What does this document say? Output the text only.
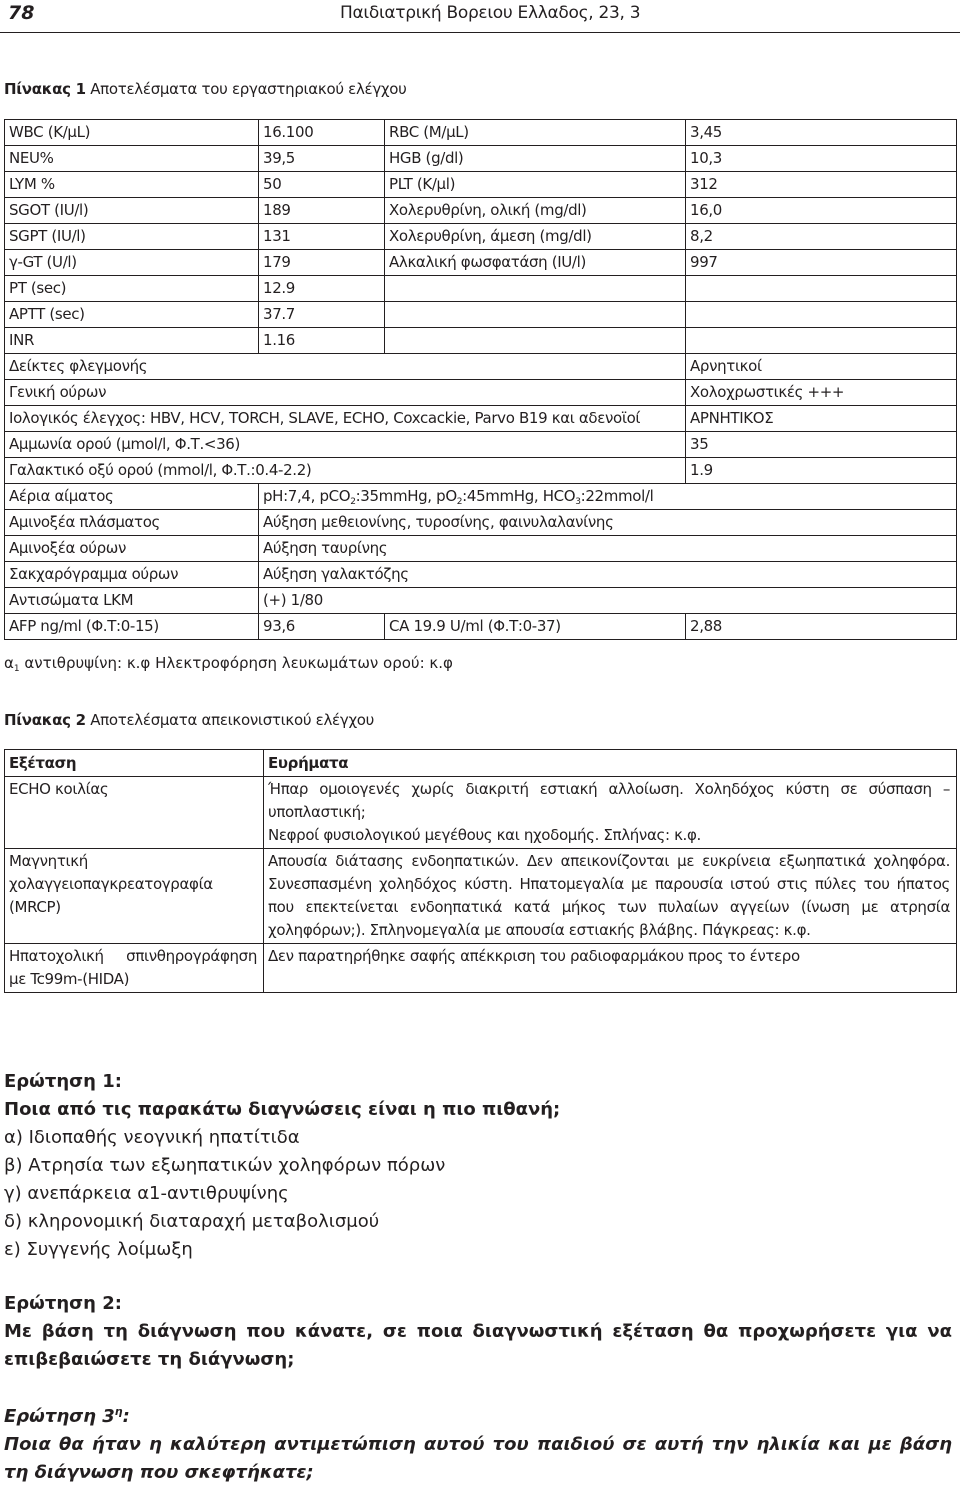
78	Παιδιατρική Βορειου Ελλαδος, 23, 3
Πίνακας 1 Αποτελέσματα του εργαστηριακού ελέγχου
WBC (K/μL)	16.100	RBC (M/μL)	3,45
NEU%	39,5	HGB (g/dl)	10,3
LYM %	50	PLT (K/μl)	312
SGOT (IU/l)	189	Χολερυθρίνη, ολική (mg/dl)	16,0
SGPT (IU/l)	131	Χολερυθρίνη, άμεση (mg/dl)	8,2
γ-GT (U/l)	179	Αλκαλική φωσφατάση (IU/l)	997
PT (sec)	12.9		
APTT (sec)	37.7		
INR	1.16		
Δείκτες φλεγμονής			Αρνητικοί
Γενική ούρων			Χολοχρωστικές +++
Ιολογικός έλεγχος: HBV, HCV, TORCH, SLAVE, ECHO, Coxcackie, Parvo B19 και αδενοϊοί			ΑΡΝΗΤΙΚΟΣ
Αμμωνία ορού (μmol/l, Φ.Τ.<36)			35
Γαλακτικό οξύ ορού (mmol/l, Φ.Τ.:0.4-2.2)			1.9
Αέρια αίματος	pH:7,4, pCO$_2$:35mmHg, $pO_2:45mmHg$, $HCO_3:22mmol/l$		
Αμινοξέα πλάσματος	Αύξηση μεθειονίνης, τυροσίνης, φαινυλαλανίνης		
Αμινοξέα ούρων	Αύξηση ταυρίνης		
Σακχαρόγραμμα ούρων	Αύξηση γαλακτόζης		
Αντισώματα LKM	(+) 1/80		
AFP ng/ml (Φ.Τ:0-15)	93,6	CA 19.9 U/ml (Φ.Τ:0-37)	2,88
$\alpha_1$ αντιθρυψίνη: κ.φ Ηλεκτροφόρηση λευκωμάτων ορού: κ.φ
Πίνακας 2 Αποτελέσματα απεικονιστικού ελέγχου
Εξέταση	Ευρήματα
ECHO κοιλίας	Ήπαρ ομοιογενές χωρίς διακριτή εστιακή αλλοίωση. Χοληδόχος κύστη σε σύσπαση –υποπλαστική;
Νεφροί φυσιολογικού μεγέθους και ηχοδομής. Σπλήνας: κ.φ.

Μαγνητική χολαγγειοπαγκρεατογραφία (MRCP)	Απουσία διάτασης ενδοηπατικών. Δεν απεικονίζονται με ευκρίνεια εξωηπατικά χοληφόρα. Συνεσπασμένη χοληδόχος κύστη. Ηπατομεγαλία με παρουσία ιστού στις πύλες του ήπατος που επεκτείνεται ενδοηπατικά κατά μήκος των πυλαίων αγγείων (ίνωση με ατρησία χοληφόρων;). Σπληνομεγαλία με απουσία εστιακής βλάβης. Πάγκρεας: κ.φ.

Ηπατοχολική σπινθηρογράφηση με Tc99m-(HIDA)	Δεν παρατηρήθηκε σαφής απέκκριση του ραδιοφαρμάκου προς το έντερο
Ερώτηση 1:
Ποια από τις παρακάτω διαγνώσεις είναι η πιο πιθανή;
α) Ιδιοπαθής νεογνική ηπατίτιδα
β) Ατρησία των εξωηπατικών χοληφόρων πόρων
γ) ανεπάρκεια α1-αντιθρυψίνης
δ) κληρονομική διαταραχή μεταβολισμού
ε) Συγγενής λοίμωξη
Ερώτηση 2:
Με βάση τη διάγνωση που κάνατε, σε ποια διαγνωστική εξέταση θα προχωρήσετε για να επιβεβαιώσετε τη διάγνωση;
Ερώτηση $3^\eta$:
Ποια θα ήταν η καλύτερη αντιμετώπιση αυτού του παιδιού σε αυτή την ηλικία και με βάση τη διάγνωση που σκεφτήκατε;
